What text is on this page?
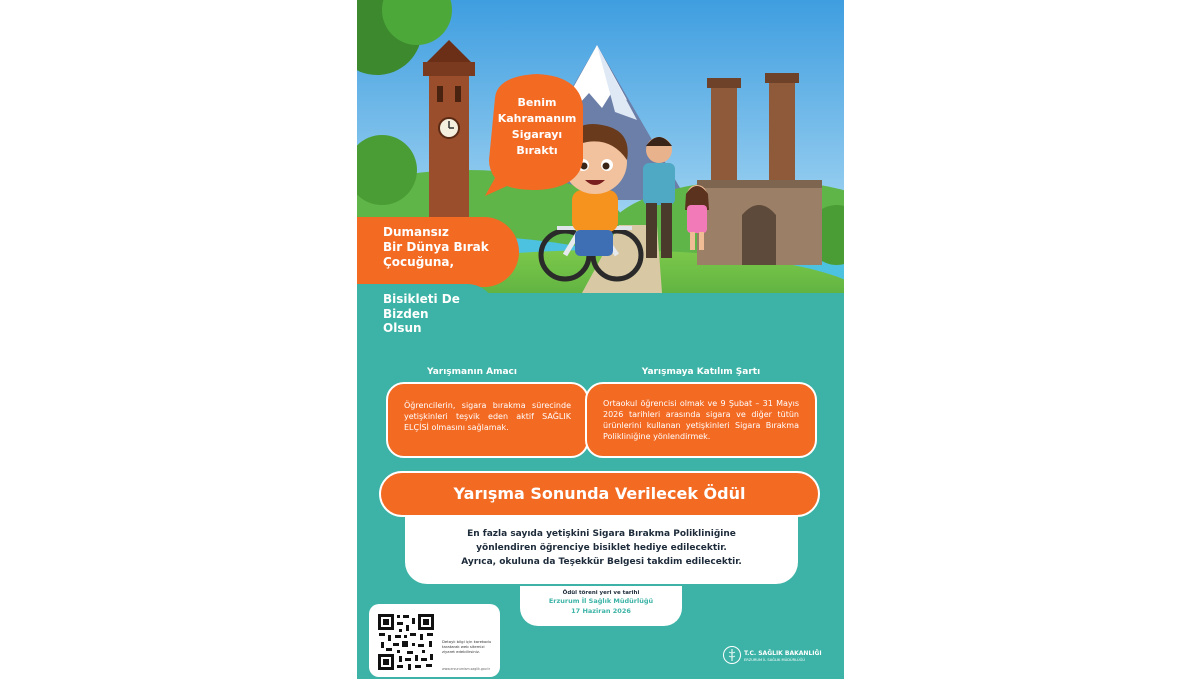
Benim
Kahramanım
Sigarayı
Bıraktı
Dumansız
Bir Dünya Bırak
Çocuğuna,
Bisikleti De
Bizden
Olsun
Yarışmanın Amacı
Öğrencilerin, sigara bırakma sürecinde yetişkinleri teşvik eden aktif SAĞLIK ELÇİSİ olmasını sağlamak.
Yarışmaya Katılım Şartı
Ortaokul öğrencisi olmak ve 9 Şubat – 31 Mayıs 2026 tarihleri arasında sigara ve diğer tütün ürünlerini kullanan yetişkinleri Sigara Bırakma Polikliniğine yönlendirmek.
Yarışma Sonunda Verilecek Ödül
En fazla sayıda yetişkini Sigara Bırakma Polikliniğine
yönlendiren öğrenciye bisiklet hediye edilecektir.
Ayrıca, okuluna da Teşekkür Belgesi takdim edilecektir.
Ödül töreni yeri ve tarihi
Erzurum İl Sağlık Müdürlüğü
17 Haziran 2026
Detaylı bilgi için karekodu taratarak web sitemizi ziyaret edebilirsiniz.
www.erzurumism.saglik.gov.tr
T.C. SAĞLIK BAKANLIĞI
ERZURUM İL SAĞLIK MÜDÜRLÜĞÜ
